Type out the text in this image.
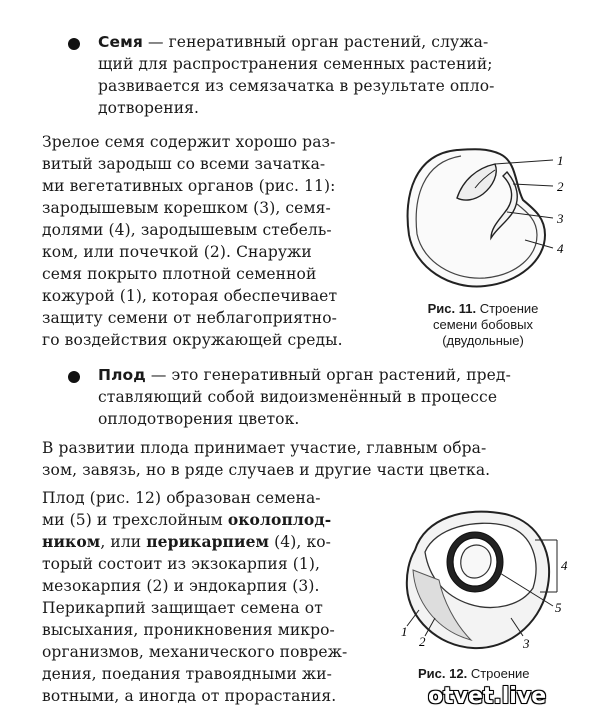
Семя — генеративный орган растений, служа-
щий для распространения семенных растений;
развивается из семязачатка в результате опло-
дотворения.
Зрелое семя содержит хорошо раз-
витый зародыш со всеми зачатка-
ми вегетативных органов (рис. 11):
зародышевым корешком (3), семя-
долями (4), зародышевым стебель-
ком, или почечкой (2). Снаружи
семя покрыто плотной семенной
кожурой (1), которая обеспечивает
защиту семени от неблагоприятно-
го воздействия окружающей среды.
1
2
3
4
Рис. 11. Строение
семени бобовых
(двудольные)
Плод — это генеративный орган растений, пред-
ставляющий собой видоизменённый в процессе
оплодотворения цветок.
В развитии плода принимает участие, главным обра-
зом, завязь, но в ряде случаев и другие части цветка.
Плод (рис. 12) образован семена-
ми (5) и трехслойным околоплод-
ником, или перикарпием (4), ко-
торый состоит из экзокарпия (1),
мезокарпия (2) и эндокарпия (3).
Перикарпий защищает семена от
высыхания, проникновения микро-
организмов, механического повреж-
дения, поедания травоядными жи-
вотными, а иногда от прорастания.
4
5
1
2	3
Рис. 12. Строение
otvet.live
